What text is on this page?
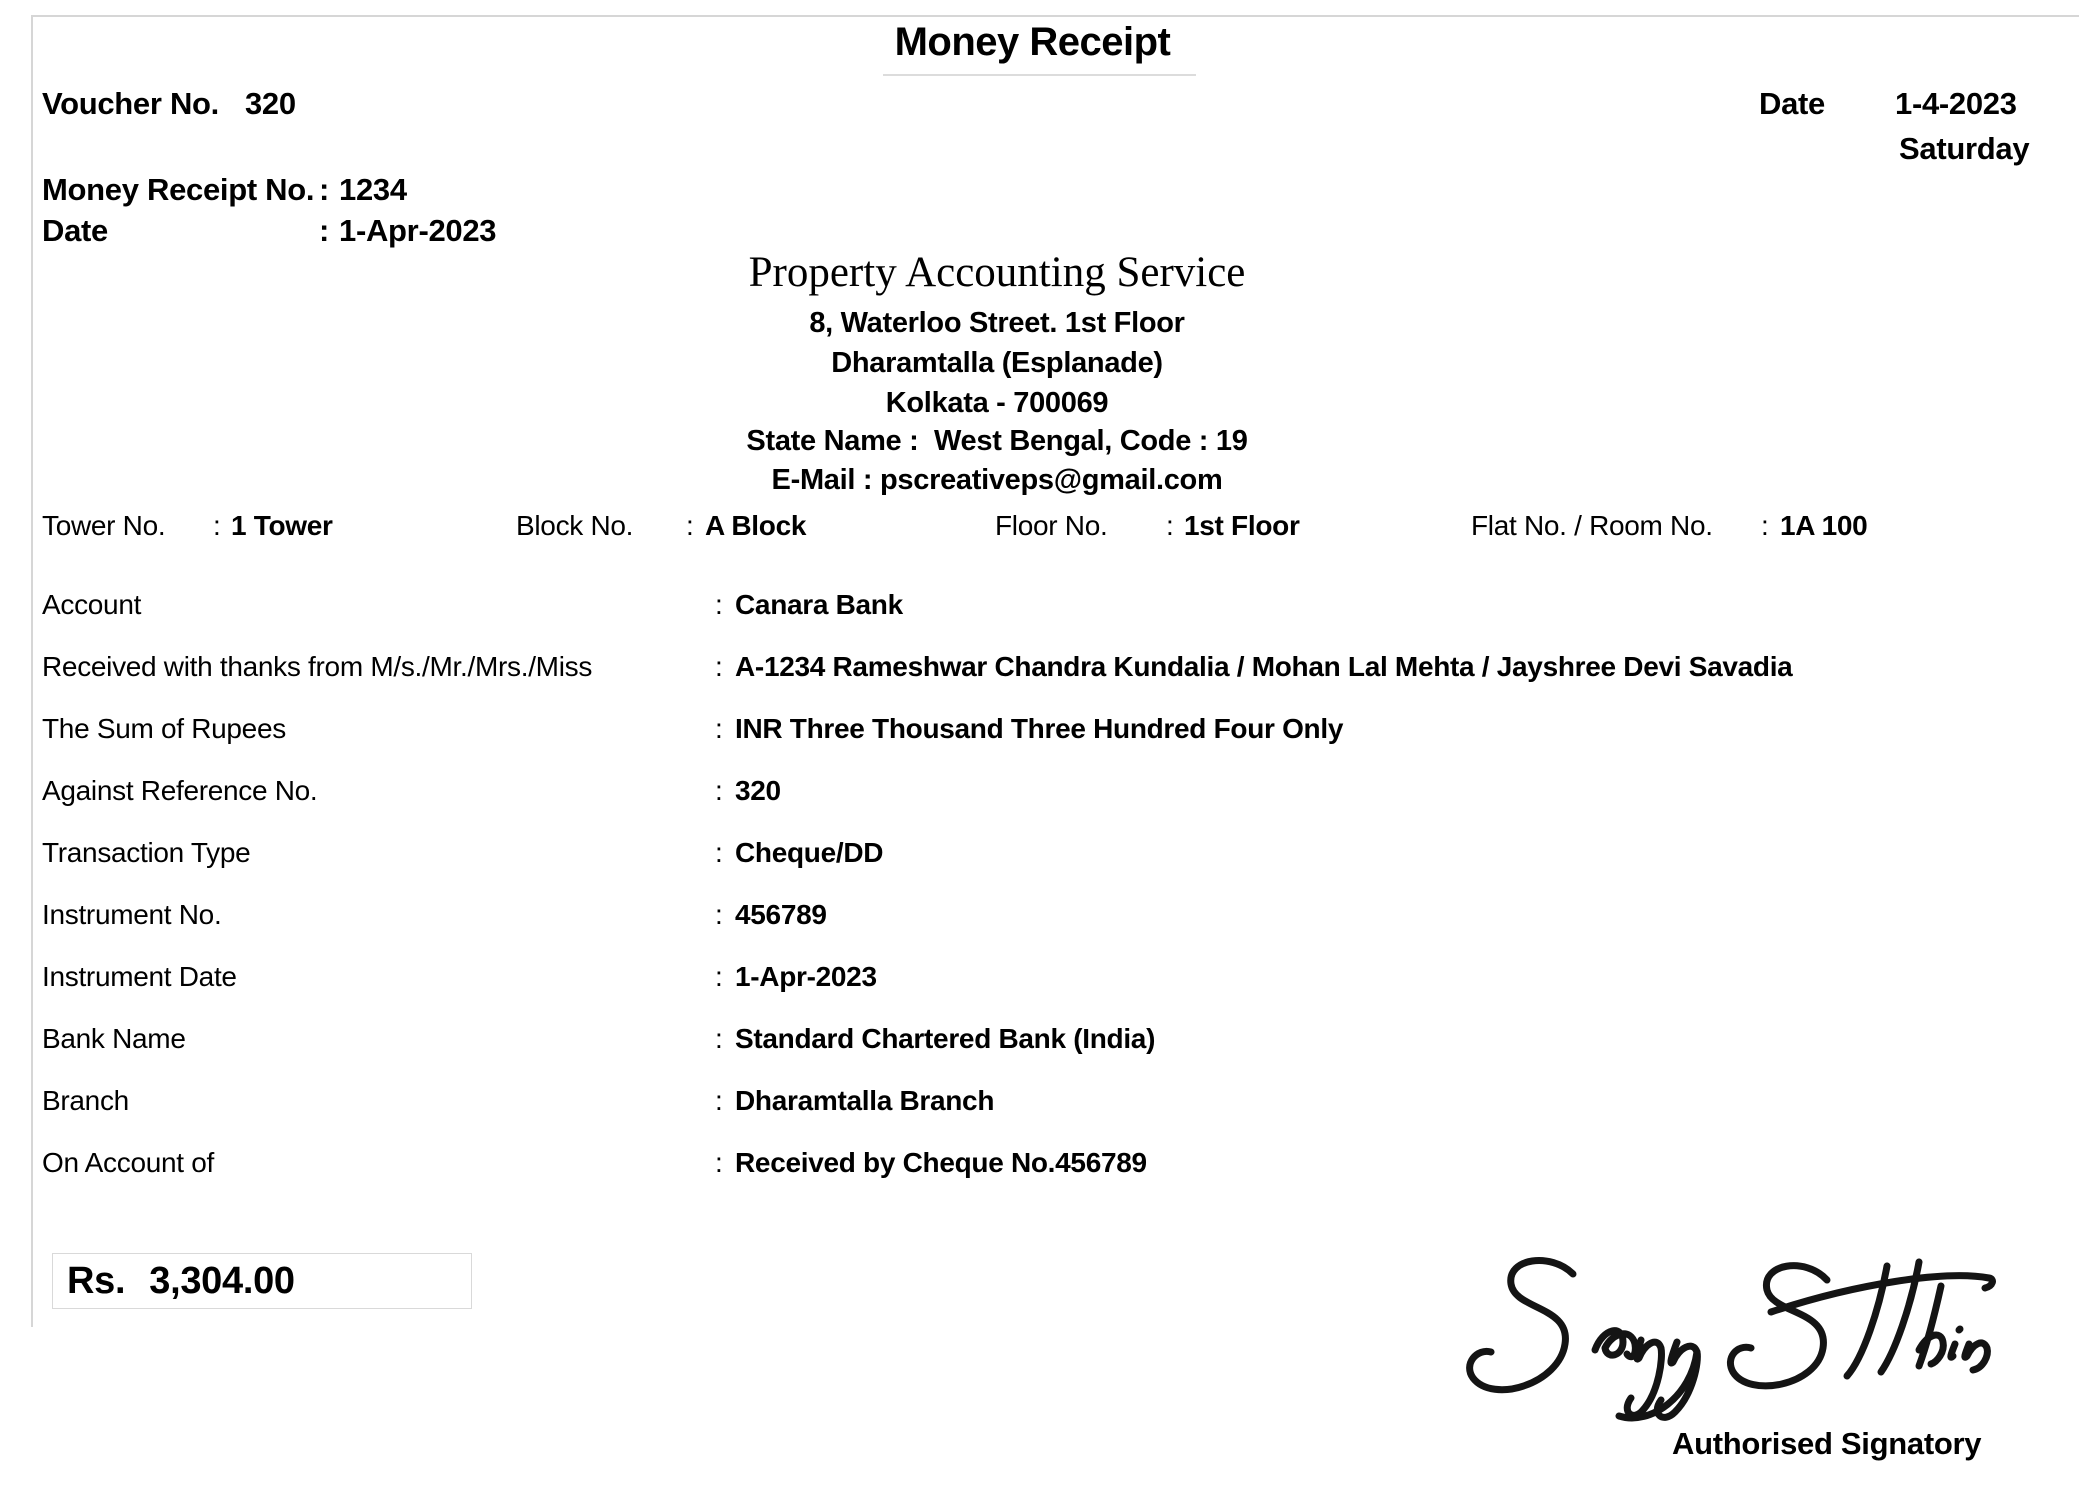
Money Receipt
Voucher No. 320	Date 1-4-2023
Saturday
Money Receipt No. : 1234
Date	: 1-Apr-2023
Property Accounting Service
8, Waterloo Street. 1st Floor
Dharamtalla (Esplanade)
Kolkata - 700069
State Name :  West Bengal, Code : 19
E-Mail : pscreativeps@gmail.com
Tower No. : 1 Tower	Block No. : A Block	Floor No. : 1st Floor	Flat No. / Room No. : 1A 100
Account	: Canara Bank
Received with thanks from M/s./Mr./Mrs./Miss	: A-1234 Rameshwar Chandra Kundalia / Mohan Lal Mehta / Jayshree Devi Savadia
The Sum of Rupees	: INR Three Thousand Three Hundred Four Only
Against Reference No.	: 320
Transaction Type	: Cheque/DD
Instrument No.	: 456789
Instrument Date	: 1-Apr-2023
Bank Name	: Standard Chartered Bank (India)
Branch	: Dharamtalla Branch
On Account of	: Received by Cheque No.456789
Rs. 3,304.00
Authorised Signatory
